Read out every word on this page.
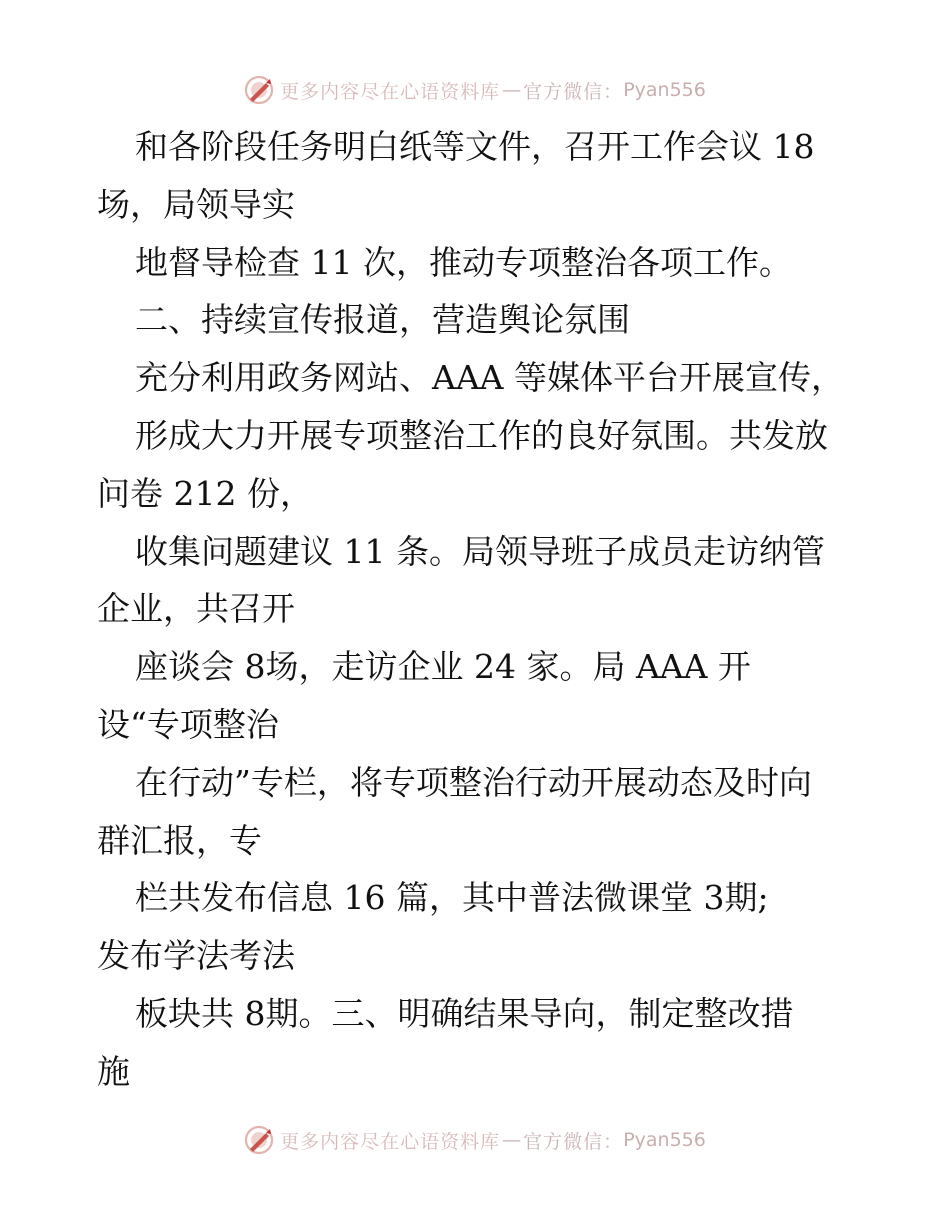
更多内容尽在心语资料库 — 官方微信： Pyan556
和各阶段任务明白纸等文件，召开工作会议 18
场，局领导实
地督导检查 11 次，推动专项整治各项工作。
二、持续宣传报道，营造舆论氛围
充分利用政务网站、AAA 等媒体平台开展宣传，
形成大力开展专项整治工作的良好氛围。共发放
问卷 212 份，
收集问题建议 11 条。局领导班子成员走访纳管
企业，共召开
座谈会 8场，走访企业 24 家。局 AAA 开
设“专项整治
在行动”专栏，将专项整治行动开展动态及时向
群汇报，专
栏共发布信息 16 篇，其中普法微课堂 3期;
发布学法考法
板块共 8期。三、明确结果导向，制定整改措
施
更多内容尽在心语资料库 — 官方微信： Pyan556
